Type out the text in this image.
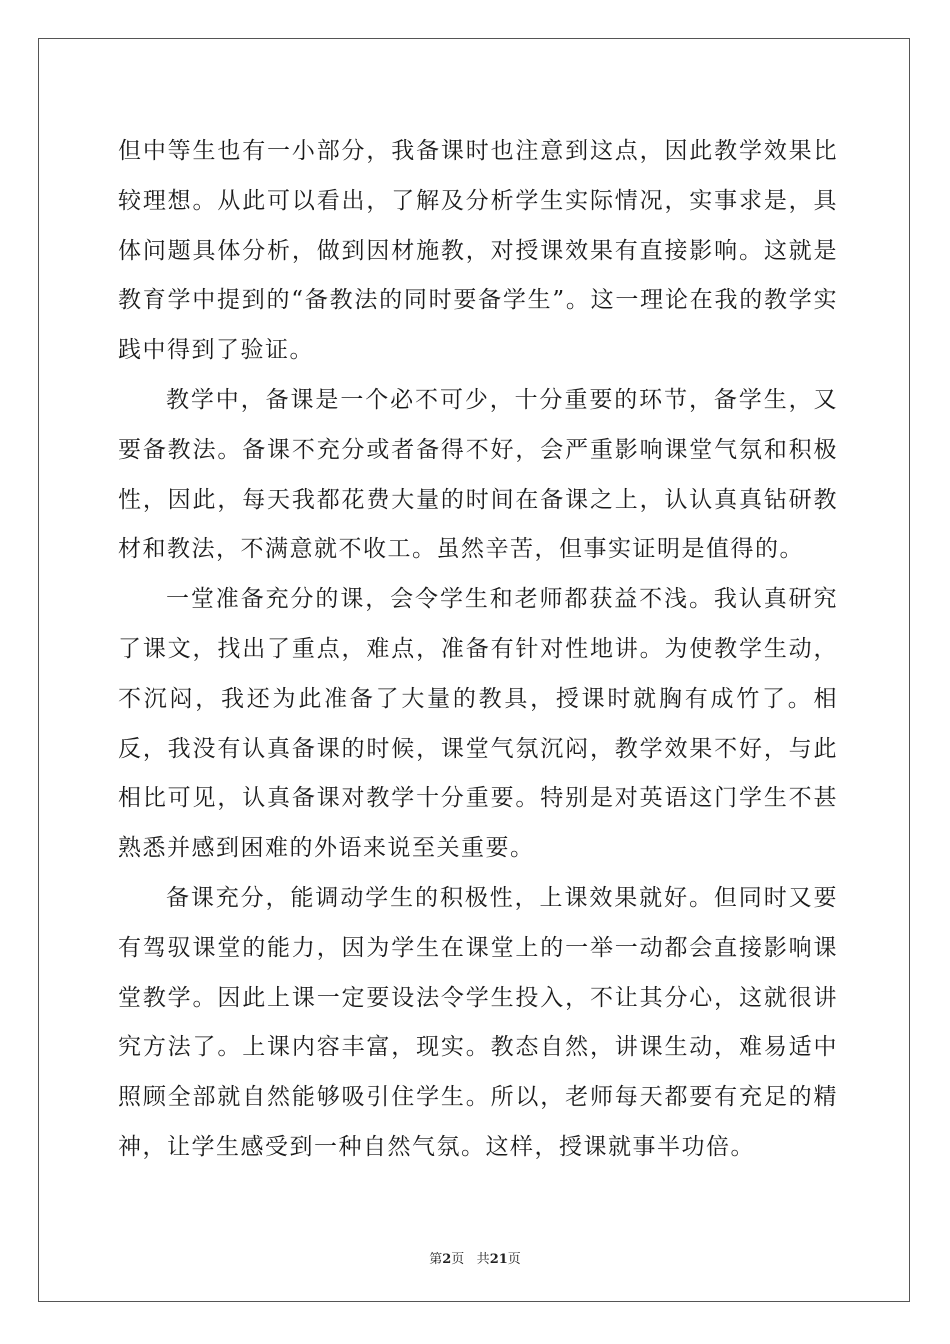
但中等生也有一小部分，我备课时也注意到这点，因此教学效果比较理想。从此可以看出，了解及分析学生实际情况，实事求是，具体问题具体分析，做到因材施教，对授课效果有直接影响。这就是教育学中提到的“备教法的同时要备学生”。这一理论在我的教学实践中得到了验证。

教学中，备课是一个必不可少，十分重要的环节，备学生，又要备教法。备课不充分或者备得不好，会严重影响课堂气氛和积极性，因此，每天我都花费大量的时间在备课之上，认认真真钻研教材和教法，不满意就不收工。虽然辛苦，但事实证明是值得的。

一堂准备充分的课，会令学生和老师都获益不浅。我认真研究了课文，找出了重点，难点，准备有针对性地讲。为使教学生动，不沉闷，我还为此准备了大量的教具，授课时就胸有成竹了。相反，我没有认真备课的时候，课堂气氛沉闷，教学效果不好，与此相比可见，认真备课对教学十分重要。特别是对英语这门学生不甚熟悉并感到困难的外语来说至关重要。

备课充分，能调动学生的积极性，上课效果就好。但同时又要有驾驭课堂的能力，因为学生在课堂上的一举一动都会直接影响课堂教学。因此上课一定要设法令学生投入，不让其分心，这就很讲究方法了。上课内容丰富，现实。教态自然，讲课生动，难易适中照顾全部就自然能够吸引住学生。所以，老师每天都要有充足的精神，让学生感受到一种自然气氛。这样，授课就事半功倍。

第2页 共21页
